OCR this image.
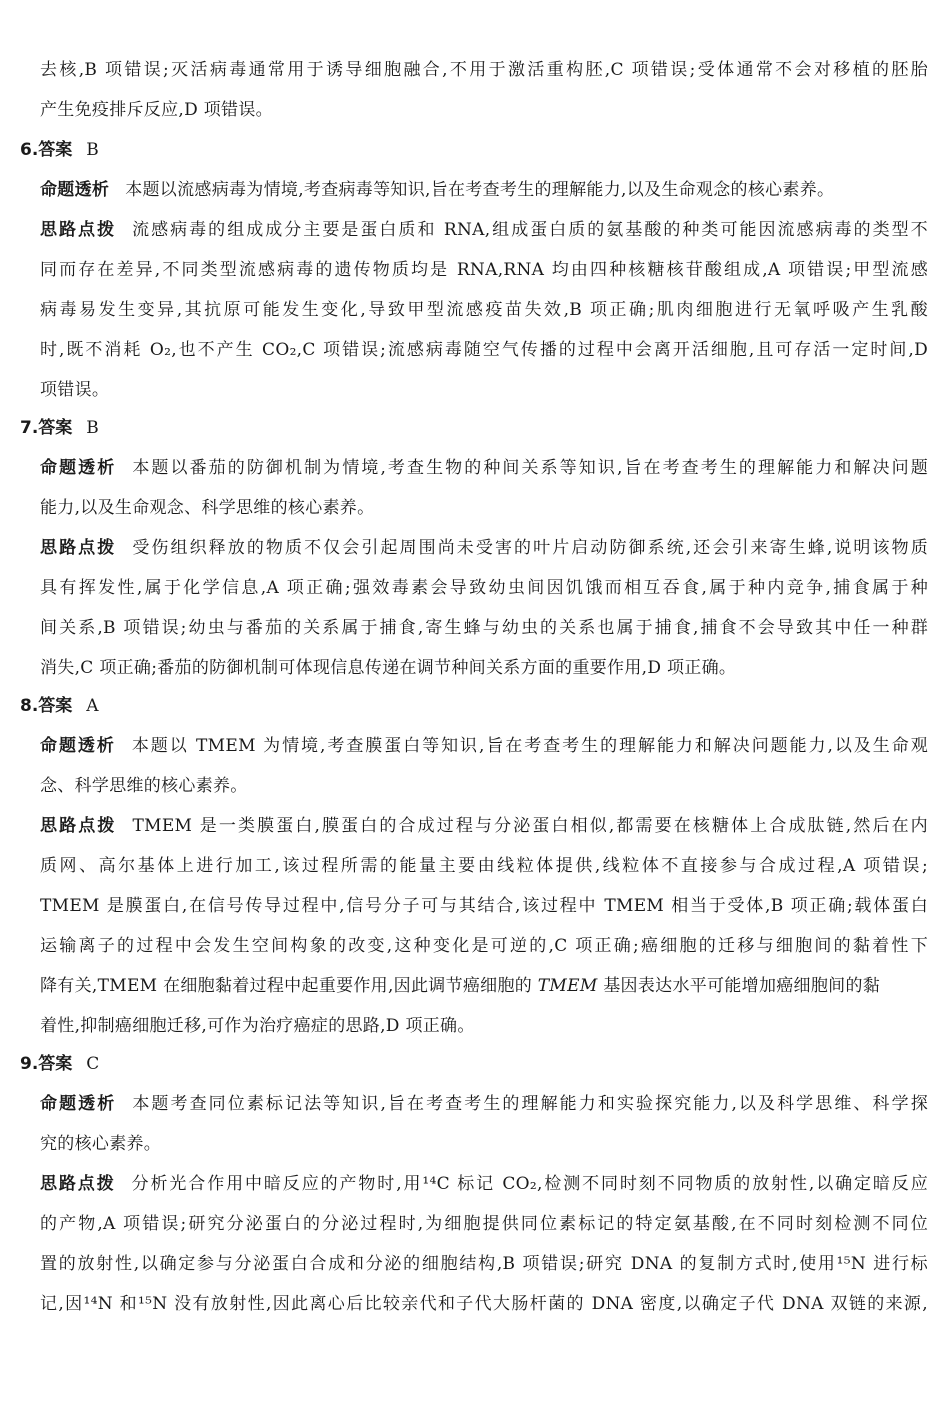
去核,B 项错误;灭活病毒通常用于诱导细胞融合,不用于激活重构胚,C 项错误;受体通常不会对移植的胚胎
产生免疫排斥反应,D 项错误。
6.答案 B
命题透析 本题以流感病毒为情境,考查病毒等知识,旨在考查考生的理解能力,以及生命观念的核心素养。
思路点拨 流感病毒的组成成分主要是蛋白质和 RNA,组成蛋白质的氨基酸的种类可能因流感病毒的类型不
同而存在差异,不同类型流感病毒的遗传物质均是 RNA,RNA 均由四种核糖核苷酸组成,A 项错误;甲型流感
病毒易发生变异,其抗原可能发生变化,导致甲型流感疫苗失效,B 项正确;肌肉细胞进行无氧呼吸产生乳酸
时,既不消耗 O₂,也不产生 CO₂,C 项错误;流感病毒随空气传播的过程中会离开活细胞,且可存活一定时间,D
项错误。
7.答案 B
命题透析 本题以番茄的防御机制为情境,考查生物的种间关系等知识,旨在考查考生的理解能力和解决问题
能力,以及生命观念、科学思维的核心素养。
思路点拨 受伤组织释放的物质不仅会引起周围尚未受害的叶片启动防御系统,还会引来寄生蜂,说明该物质
具有挥发性,属于化学信息,A 项正确;强效毒素会导致幼虫间因饥饿而相互吞食,属于种内竞争,捕食属于种
间关系,B 项错误;幼虫与番茄的关系属于捕食,寄生蜂与幼虫的关系也属于捕食,捕食不会导致其中任一种群
消失,C 项正确;番茄的防御机制可体现信息传递在调节种间关系方面的重要作用,D 项正确。
8.答案 A
命题透析 本题以 TMEM 为情境,考查膜蛋白等知识,旨在考查考生的理解能力和解决问题能力,以及生命观
念、科学思维的核心素养。
思路点拨 TMEM 是一类膜蛋白,膜蛋白的合成过程与分泌蛋白相似,都需要在核糖体上合成肽链,然后在内
质网、高尔基体上进行加工,该过程所需的能量主要由线粒体提供,线粒体不直接参与合成过程,A 项错误;
TMEM 是膜蛋白,在信号传导过程中,信号分子可与其结合,该过程中 TMEM 相当于受体,B 项正确;载体蛋白
运输离子的过程中会发生空间构象的改变,这种变化是可逆的,C 项正确;癌细胞的迁移与细胞间的黏着性下
降有关,TMEM 在细胞黏着过程中起重要作用,因此调节癌细胞的 TMEM 基因表达水平可能增加癌细胞间的黏
着性,抑制癌细胞迁移,可作为治疗癌症的思路,D 项正确。
9.答案 C
命题透析 本题考查同位素标记法等知识,旨在考查考生的理解能力和实验探究能力,以及科学思维、科学探
究的核心素养。
思路点拨 分析光合作用中暗反应的产物时,用¹⁴C 标记 CO₂,检测不同时刻不同物质的放射性,以确定暗反应
的产物,A 项错误;研究分泌蛋白的分泌过程时,为细胞提供同位素标记的特定氨基酸,在不同时刻检测不同位
置的放射性,以确定参与分泌蛋白合成和分泌的细胞结构,B 项错误;研究 DNA 的复制方式时,使用¹⁵N 进行标
记,因¹⁴N 和¹⁵N 没有放射性,因此离心后比较亲代和子代大肠杆菌的 DNA 密度,以确定子代 DNA 双链的来源,
